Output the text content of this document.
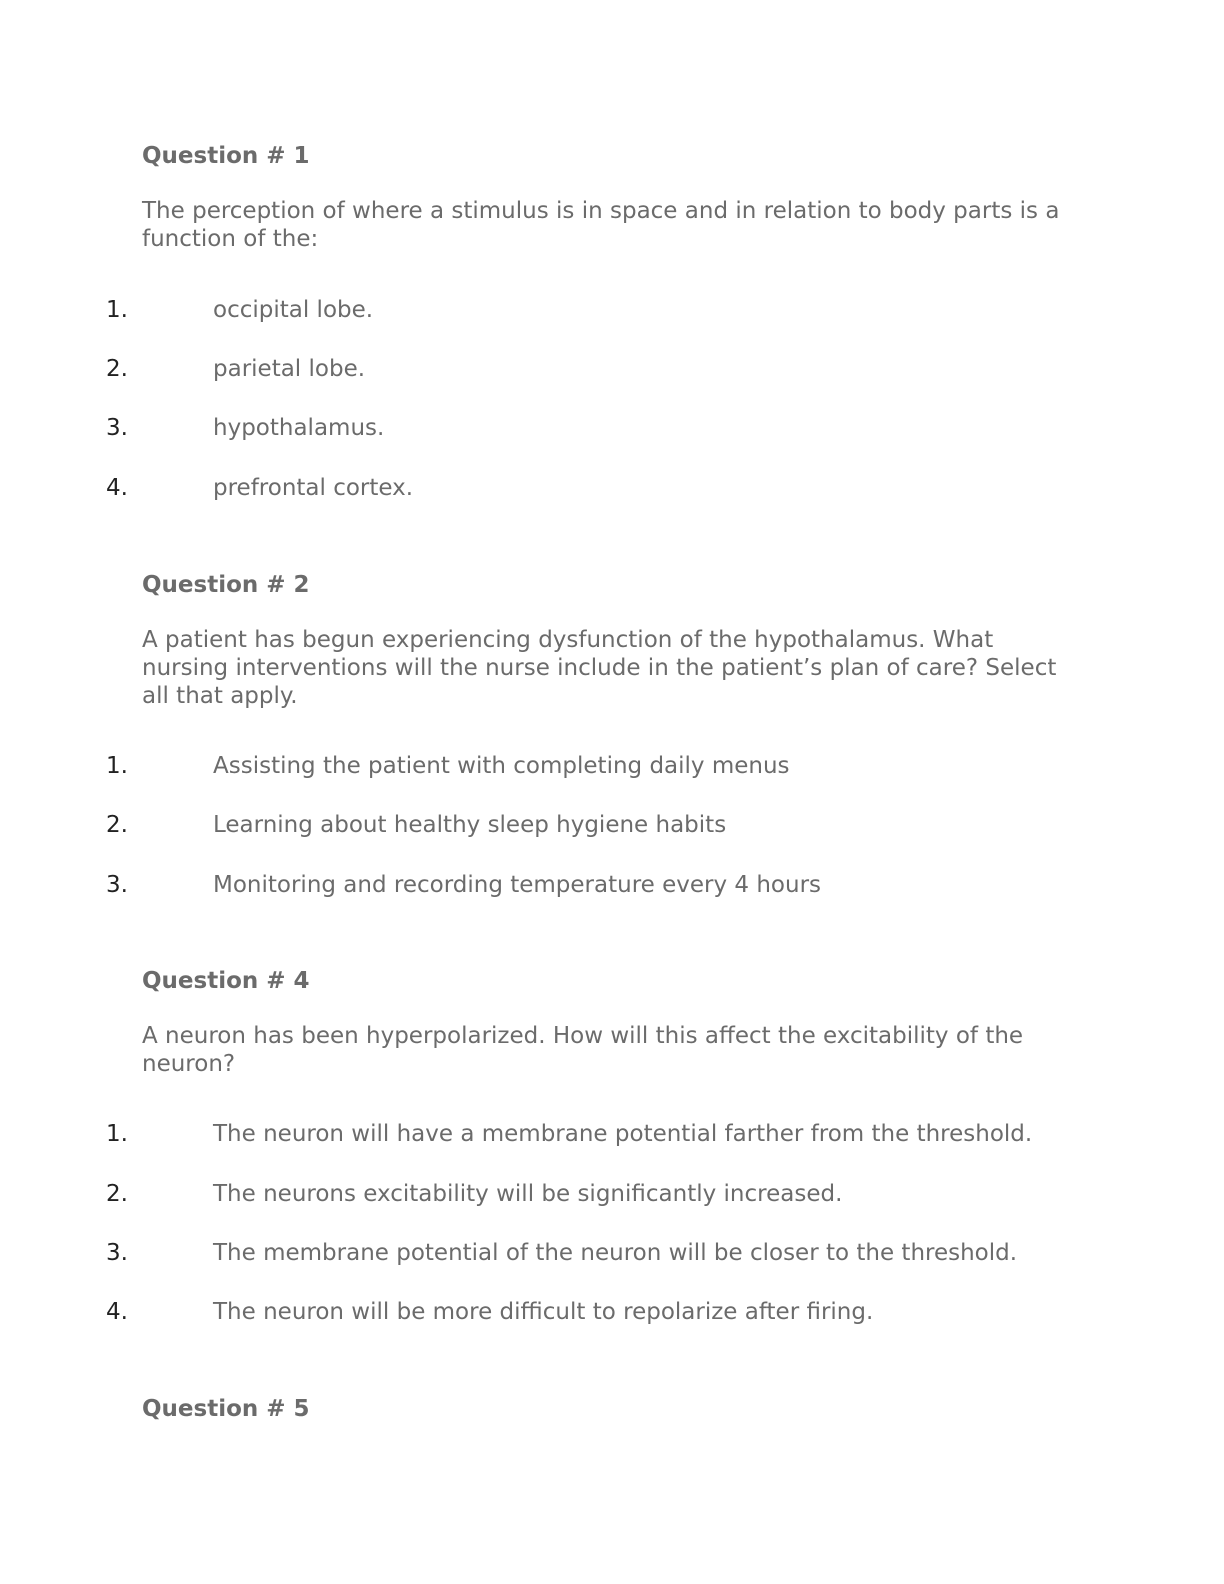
Question # 1

The perception of where a stimulus is in space and in relation to body parts is a function of the:

1.	occipital lobe.
2.	parietal lobe.
3.	hypothalamus.
4.	prefrontal cortex.
Question # 2

A patient has begun experiencing dysfunction of the hypothalamus. What nursing interventions will the nurse include in the patient’s plan of care? Select all that apply.

1.	Assisting the patient with completing daily menus
2.	Learning about healthy sleep hygiene habits
3.	Monitoring and recording temperature every 4 hours
Question # 4

A neuron has been hyperpolarized. How will this affect the excitability of the neuron?

1.	The neuron will have a membrane potential farther from the threshold.
2.	The neurons excitability will be significantly increased.
3.	The membrane potential of the neuron will be closer to the threshold.
4.	The neuron will be more difficult to repolarize after firing.
Question # 5
